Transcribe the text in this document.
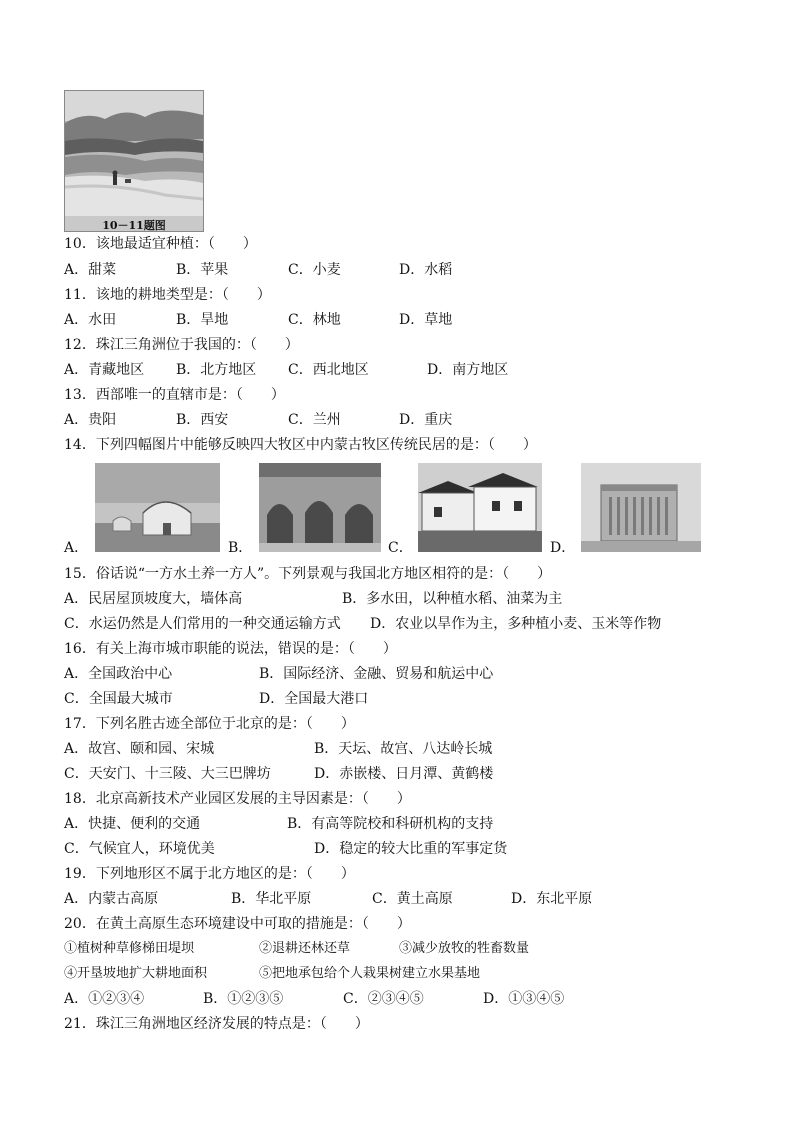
10－11题图
10．该地最适宜种植：（　　）
A．甜菜	B．苹果	C．小麦	D．水稻
11．该地的耕地类型是：（　　）
A．水田	B．旱地	C．林地	D．草地
12．珠江三角洲位于我国的：（　　）
A．青藏地区 B．北方地区 C．西北地区	D．南方地区
13．西部唯一的直辖市是：（　　）
A．贵阳	B．西安	C．兰州	D．重庆
14．下列四幅图片中能够反映四大牧区中内蒙古牧区传统民居的是：（　　）
A．	B．	C．	D．
15．俗话说“一方水土养一方人”。下列景观与我国北方地区相符的是：（　　）
A．民居屋顶坡度大，墙体高	B．多水田，以种植水稻、油菜为主
C．水运仍然是人们常用的一种交通运输方式 D．农业以旱作为主，多种植小麦、玉米等作物
16．有关上海市城市职能的说法，错误的是：（　　）
A．全国政治中心	B．国际经济、金融、贸易和航运中心
C．全国最大城市	D．全国最大港口
17．下列名胜古迹全部位于北京的是：（　　）
A．故宫、颐和园、宋城	B．天坛、故宫、八达岭长城
C．天安门、十三陵、大三巴牌坊	D．赤嵌楼、日月潭、黄鹤楼
18．北京高新技术产业园区发展的主导因素是：（　　）
A．快捷、便利的交通	B．有高等院校和科研机构的支持
C．气候宜人，环境优美	D．稳定的较大比重的军事定货
19．下列地形区不属于北方地区的是：（　　）
A．内蒙古高原	B．华北平原	C．黄土高原	D．东北平原
20．在黄土高原生态环境建设中可取的措施是：（　　）
①植树种草修梯田堤坝	②退耕还林还草	③减少放牧的牲畜数量
④开垦坡地扩大耕地面积	⑤把地承包给个人栽果树建立水果基地
A．①②③④	B．①②③⑤	C．②③④⑤	D．①③④⑤
21．珠江三角洲地区经济发展的特点是：（　　）
